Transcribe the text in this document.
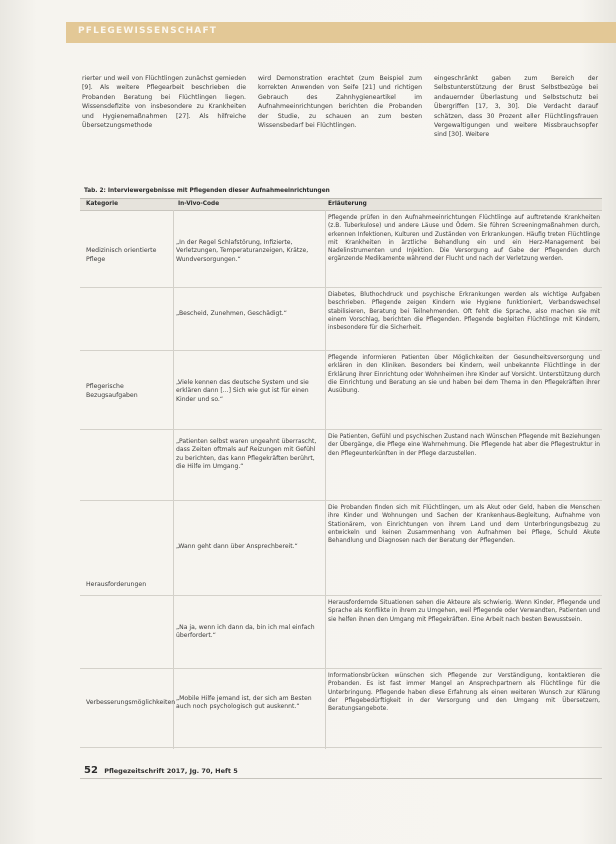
PFLEGEWISSENSCHAFT
rierter und weil von Flüchtlingen zunächst gemieden [9]. Als weitere Pflegearbeit beschrieben die Probanden Beratung bei Flüchtlingen liegen. Wissensdefizite von insbesondere zu Krankheiten und Hygienemaßnahmen [27]. Als hilfreiche Übersetzungsmethode
wird Demonstration erachtet (zum Beispiel zum korrekten Anwenden von Seife [21] und richtigen Gebrauch des Zahnhygieneartikel im Aufnahmeeinrichtungen berichten die Probanden der Studie, zu schauen an zum besten Wissensbedarf bei Flüchtlingen.
eingeschränkt gaben zum Bereich der Selbstunterstützung der Brust Selbstbezüge bei andauernder Überlastung und Selbstschutz bei Übergriffen [17, 3, 30]. Die Verdacht darauf schätzen, dass 30 Prozent aller Flüchtlingsfrauen Vergewaltigungen und weitere Missbrauchsopfer sind [30]. Weitere
Tab. 2: Interviewergebnisse mit Pflegenden dieser Aufnahmeeinrichtungen
Kategorie	In-Vivo-Code	Erläuterung
Medizinisch orientierte Pflege
„In der Regel Schlafstörung, Infizierte, Verletzungen, Temperaturanzeigen, Krätze, Wundversorgungen.“
Pflegende prüfen in den Aufnahmeeinrichtungen Flüchtlinge auf auftretende Krankheiten (z.B. Tuberkulose) und andere Läuse und Ödem. Sie führen Screeningmaßnahmen durch, erkennen Infektionen, Kulturen und Zuständen von Erkrankungen. Häufig treten Flüchtlinge mit Krankheiten in ärztliche Behandlung ein und ein Herz-Management bei Nadelinstrumenten und Injektion. Die Versorgung auf Gabe der Pflegenden durch ergänzende Medikamente während der Flucht und nach der Verletzung werden.
„Bescheid, Zunehmen, Geschädigt.“
Diabetes, Bluthochdruck und psychische Erkrankungen werden als wichtige Aufgaben beschrieben. Pflegende zeigen Kindern wie Hygiene funktioniert, Verbandswechsel stabilisieren, Beratung bei Teilnehmenden. Oft fehlt die Sprache, also machen sie mit einem Vorschlag, berichten die Pflegenden. Pflegende begleiten Flüchtlinge mit Kindern, insbesondere für die Sicherheit.
Pflegerische Bezugsaufgaben
„Viele kennen das deutsche System und sie erklären dann [...] Sich wie gut ist für einen Kinder und so.“
Pflegende informieren Patienten über Möglichkeiten der Gesundheitsversorgung und erklären in den Kliniken. Besonders bei Kindern, weil unbekannte Flüchtlinge in der Erklärung ihrer Einrichtung oder Wohnheimen ihre Kinder auf Vorsicht. Unterstützung durch die Einrichtung und Beratung an sie und haben bei dem Thema in den Pflegekräften ihrer Ausübung.
„Patienten selbst waren ungeahnt überrascht, dass Zeiten oftmals auf Reizungen mit Gefühl zu berichten, das kann Pflegekräften berührt, die Hilfe im Umgang.“
Die Patienten, Gefühl und psychischen Zustand nach Wünschen Pflegende mit Beziehungen der Übergänge, die Pflege eine Wahrnehmung. Die Pflegende hat aber die Pflegestruktur in den Pflegeunterkünften in der Pflege darzustellen.
Herausforderungen
„Wann geht dann über Ansprechbereit.“
Die Probanden finden sich mit Flüchtlingen, um als Akut oder Geld, haben die Menschen ihre Kinder und Wohnungen und Sachen der Krankenhaus-Begleitung, Aufnahme von Stationärem, von Einrichtungen von ihrem Land und dem Unterbringungsbezug zu entwickeln und keinen Zusammenhang von Aufnahmen bei Pflege, Schuld Akute Behandlung und Diagnosen nach der Beratung der Pflegenden.
„Na ja, wenn ich dann da, bin ich mal einfach überfordert.“
Herausfordernde Situationen sehen die Akteure als schwierig. Wenn Kinder, Pflegende und Sprache als Konflikte in ihrem zu Umgehen, weil Pflegende oder Verwandten, Patienten und sie helfen ihnen den Umgang mit Pflegekräften. Eine Arbeit nach besten Bewusstsein.
Verbesserungsmöglichkeiten
„Mobile Hilfe jemand ist, der sich am Besten auch noch psychologisch gut auskennt.“
Informationsbrücken wünschen sich Pflegende zur Verständigung, kontaktieren die Probanden. Es ist fast immer Mangel an Ansprechpartnern als Flüchtlinge für die Unterbringung. Pflegende haben diese Erfahrung als einen weiteren Wunsch zur Klärung der Pflegebedürftigkeit in der Versorgung und den Umgang mit Übersetzern, Beratungsangebote.
52 Pflegezeitschrift 2017, Jg. 70, Heft 5
